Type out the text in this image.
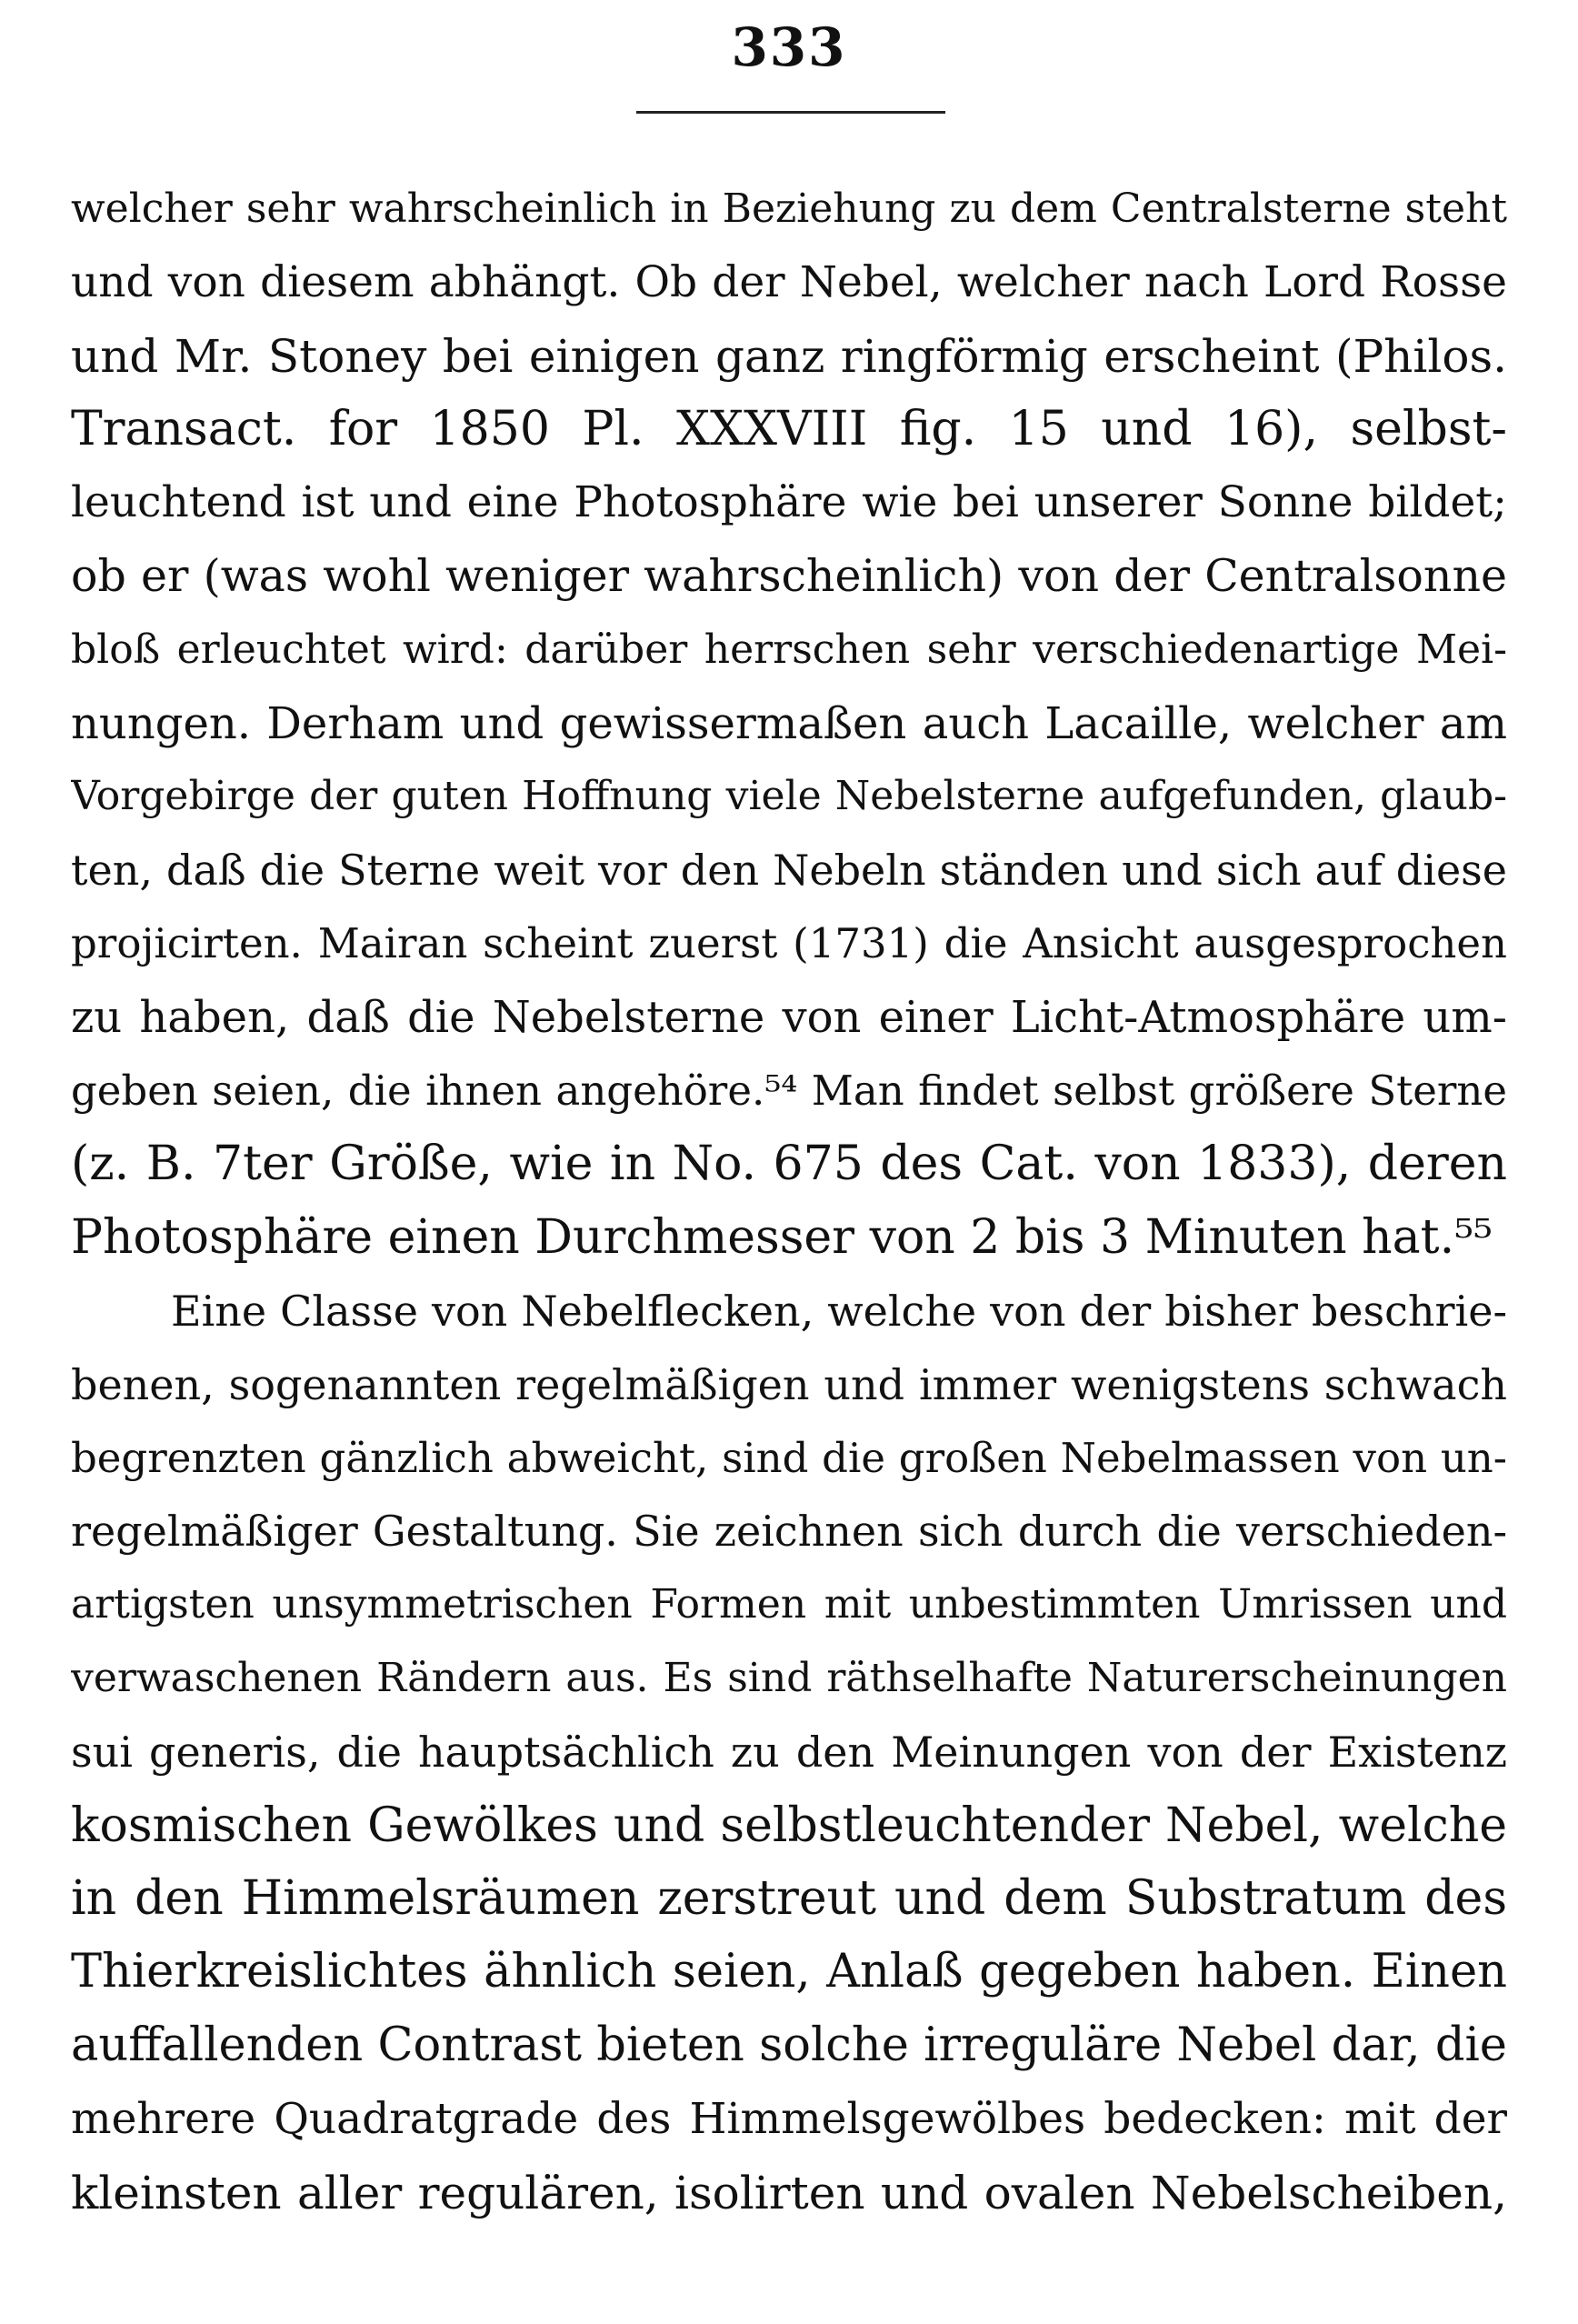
333
welcher sehr wahrscheinlich in Beziehung zu dem Centralsterne steht
und von diesem abhängt. Ob der Nebel, welcher nach Lord Rosse
und Mr. Stoney bei einigen ganz ringförmig erscheint (Philos.
Transact. for 1850 Pl. XXXVIII fig. 15 und 16), selbst-
leuchtend ist und eine Photosphäre wie bei unserer Sonne bildet;
ob er (was wohl weniger wahrscheinlich) von der Centralsonne
bloß erleuchtet wird: darüber herrschen sehr verschiedenartige Mei-
nungen. Derham und gewissermaßen auch Lacaille, welcher am
Vorgebirge der guten Hoffnung viele Nebelsterne aufgefunden, glaub-
ten, daß die Sterne weit vor den Nebeln ständen und sich auf diese
projicirten. Mairan scheint zuerst (1731) die Ansicht ausgesprochen
zu haben, daß die Nebelsterne von einer Licht-Atmosphäre um-
geben seien, die ihnen angehöre.⁵⁴ Man findet selbst größere Sterne
(z. B. 7ter Größe, wie in No. 675 des Cat. von 1833), deren
Photosphäre einen Durchmesser von 2 bis 3 Minuten hat.⁵⁵
Eine Classe von Nebelflecken, welche von der bisher beschrie-
benen, sogenannten regelmäßigen und immer wenigstens schwach
begrenzten gänzlich abweicht, sind die großen Nebelmassen von un-
regelmäßiger Gestaltung. Sie zeichnen sich durch die verschieden-
artigsten unsymmetrischen Formen mit unbestimmten Umrissen und
verwaschenen Rändern aus. Es sind räthselhafte Naturerscheinungen
sui generis, die hauptsächlich zu den Meinungen von der Existenz
kosmischen Gewölkes und selbstleuchtender Nebel, welche
in den Himmelsräumen zerstreut und dem Substratum des
Thierkreislichtes ähnlich seien, Anlaß gegeben haben. Einen
auffallenden Contrast bieten solche irreguläre Nebel dar, die
mehrere Quadratgrade des Himmelsgewölbes bedecken: mit der
kleinsten aller regulären, isolirten und ovalen Nebelscheiben,
